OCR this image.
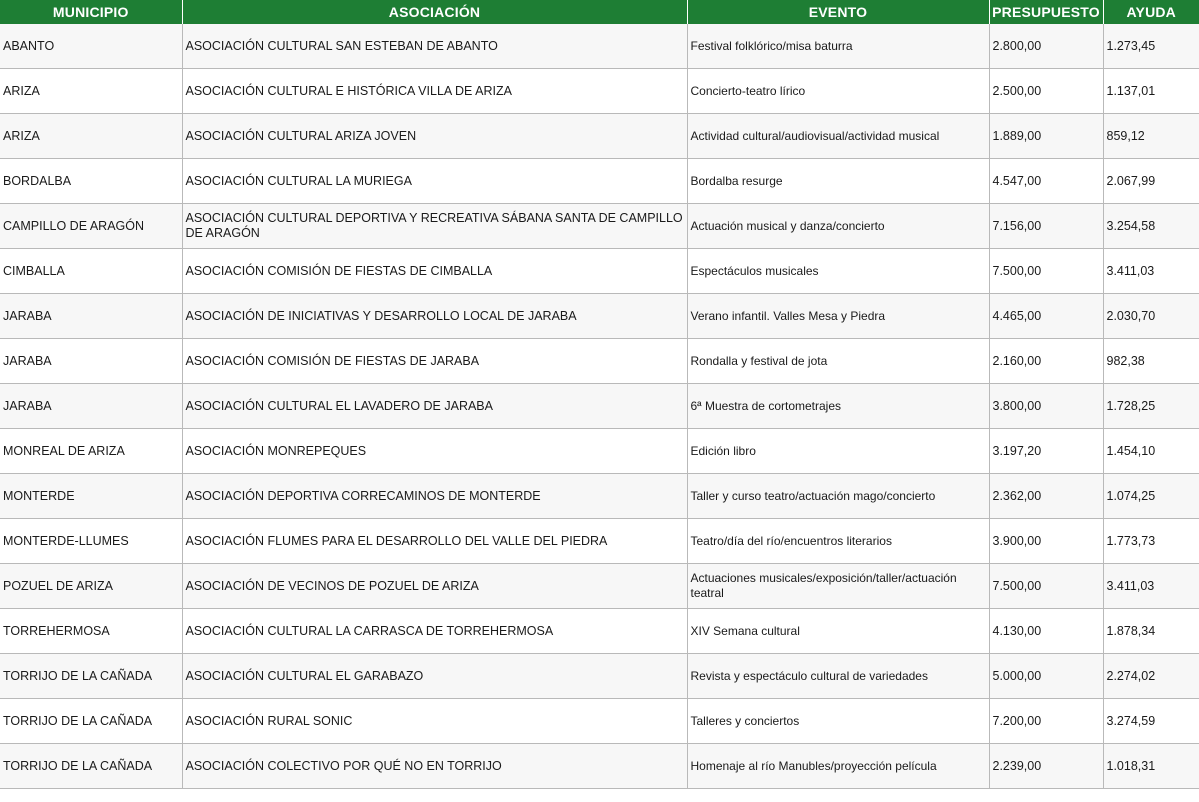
MUNICIPIO	ASOCIACIÓN	EVENTO	PRESUPUESTO	AYUDA
ABANTO	ASOCIACIÓN CULTURAL SAN ESTEBAN DE ABANTO	Festival folklórico/misa baturra	2.800,00	1.273,45
ARIZA	ASOCIACIÓN CULTURAL E HISTÓRICA VILLA DE ARIZA	Concierto-teatro lírico	2.500,00	1.137,01
ARIZA	ASOCIACIÓN CULTURAL ARIZA JOVEN	Actividad cultural/audiovisual/actividad musical	1.889,00	859,12
BORDALBA	ASOCIACIÓN CULTURAL LA MURIEGA	Bordalba resurge	4.547,00	2.067,99
CAMPILLO DE ARAGÓN	ASOCIACIÓN CULTURAL DEPORTIVA Y RECREATIVA SÁBANA SANTA DE CAMPILLO DE ARAGÓN	Actuación musical y danza/concierto	7.156,00	3.254,58
CIMBALLA	ASOCIACIÓN COMISIÓN DE FIESTAS DE CIMBALLA	Espectáculos musicales	7.500,00	3.411,03
JARABA	ASOCIACIÓN DE INICIATIVAS Y DESARROLLO LOCAL DE JARABA	Verano infantil. Valles Mesa y Piedra	4.465,00	2.030,70
JARABA	ASOCIACIÓN COMISIÓN DE FIESTAS DE JARABA	Rondalla y festival de jota	2.160,00	982,38
JARABA	ASOCIACIÓN CULTURAL EL LAVADERO DE JARABA	6ª Muestra de cortometrajes	3.800,00	1.728,25
MONREAL DE ARIZA	ASOCIACIÓN MONREPEQUES	Edición libro	3.197,20	1.454,10
MONTERDE	ASOCIACIÓN DEPORTIVA CORRECAMINOS DE MONTERDE	Taller y curso teatro/actuación mago/concierto	2.362,00	1.074,25
MONTERDE-LLUMES	ASOCIACIÓN FLUMES PARA EL DESARROLLO DEL VALLE DEL PIEDRA	Teatro/día del río/encuentros literarios	3.900,00	1.773,73
POZUEL DE ARIZA	ASOCIACIÓN DE VECINOS DE POZUEL DE ARIZA	Actuaciones musicales/exposición/taller/actuación teatral	7.500,00	3.411,03
TORREHERMOSA	ASOCIACIÓN CULTURAL LA CARRASCA DE TORREHERMOSA	XIV Semana cultural	4.130,00	1.878,34
TORRIJO DE LA CAÑADA	ASOCIACIÓN CULTURAL EL GARABAZO	Revista y espectáculo cultural de variedades	5.000,00	2.274,02
TORRIJO DE LA CAÑADA	ASOCIACIÓN RURAL SONIC	Talleres y conciertos	7.200,00	3.274,59
TORRIJO DE LA CAÑADA	ASOCIACIÓN COLECTIVO POR QUÉ NO EN TORRIJO	Homenaje al río Manubles/proyección película	2.239,00	1.018,31
